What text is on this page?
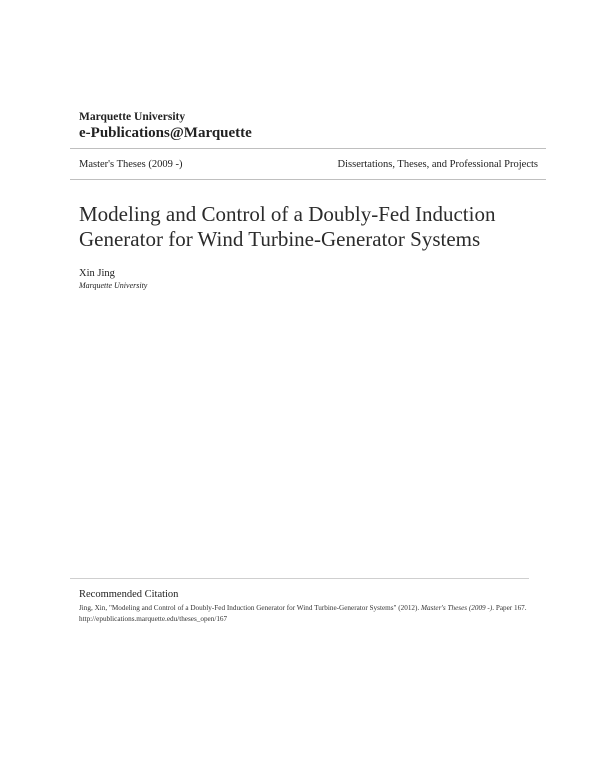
Marquette University
e-Publications@Marquette
Master's Theses (2009 -)	Dissertations, Theses, and Professional Projects
Modeling and Control of a Doubly-Fed Induction Generator for Wind Turbine-Generator Systems
Xin Jing
Marquette University
Recommended Citation
Jing, Xin, "Modeling and Control of a Doubly-Fed Induction Generator for Wind Turbine-Generator Systems" (2012). Master's Theses (2009 -). Paper 167.
http://epublications.marquette.edu/theses_open/167
